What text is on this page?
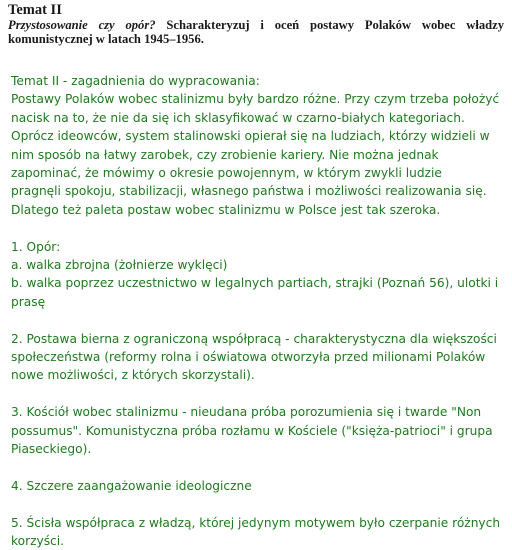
Temat II

Przystosowanie czy opór? Scharakteryzuj i oceń postawy Polaków wobec władzy komunistycznej w latach 1945–1956.

Temat II - zagadnienia do wypracowania:

Postawy Polaków wobec stalinizmu były bardzo różne. Przy czym trzeba położyć

nacisk na to, że nie da się ich sklasyfikować w czarno-białych kategoriach.

Oprócz ideowców, system stalinowski opierał się na ludziach, którzy widzieli w

nim sposób na łatwy zarobek, czy zrobienie kariery. Nie można jednak

zapominać, że mówimy o okresie powojennym, w którym zwykli ludzie

pragnęli spokoju, stabilizacji, własnego państwa i możliwości realizowania się.

Dlatego też paleta postaw wobec stalinizmu w Polsce jest tak szeroka.

1. Opór:

a. walka zbrojna (żołnierze wyklęci)

b. walka poprzez uczestnictwo w legalnych partiach, strajki (Poznań 56), ulotki i

prasę

2. Postawa bierna z ograniczoną współpracą - charakterystyczna dla większości

społeczeństwa (reformy rolna i oświatowa otworzyła przed milionami Polaków

nowe możliwości, z których skorzystali).

3. Kościół wobec stalinizmu - nieudana próba porozumienia się i twarde "Non

possumus". Komunistyczna próba rozłamu w Kościele ("księża-patrioci" i grupa

Piaseckiego).

4. Szczere zaangażowanie ideologiczne

5. Ścisła współpraca z władzą, której jedynym motywem było czerpanie różnych

korzyści.
